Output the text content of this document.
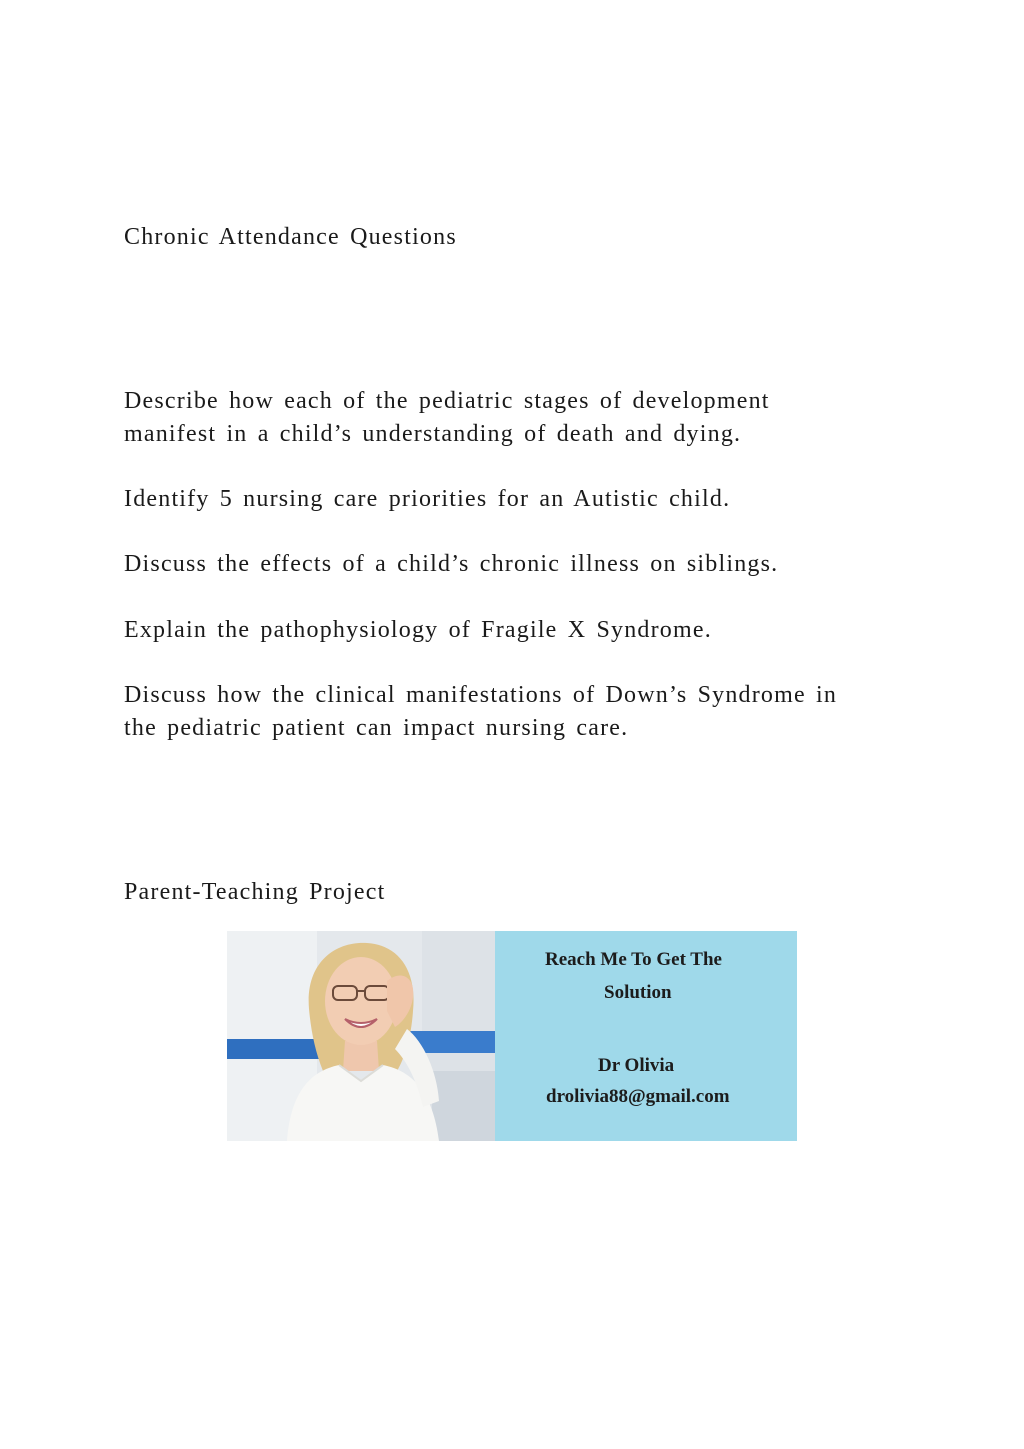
Chronic Attendance Questions

Describe how each of the pediatric stages of development

manifest in a child’s understanding of death and dying.

Identify 5 nursing care priorities for an Autistic child.

Discuss the effects of a child’s chronic illness on siblings.

Explain the pathophysiology of Fragile X Syndrome.

Discuss how the clinical manifestations of Down’s Syndrome in

the pediatric patient can impact nursing care.

Parent-Teaching Project

Reach Me To Get The
Solution
Dr Olivia
drolivia88@gmail.com
